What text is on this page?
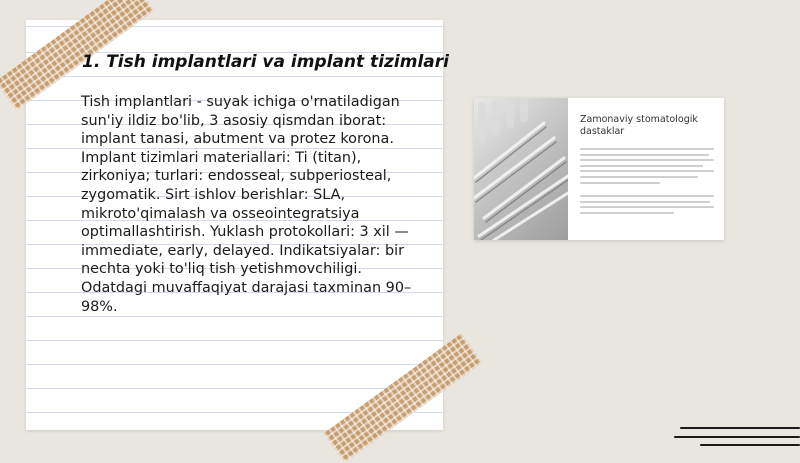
1. Tish implantlari va implant tizimlari

Tish implantlari - suyak ichiga o'rnatiladigan sun'iy ildiz bo'lib, 3 asosiy qismdan iborat: implant tanasi, abutment va protez korona. Implant tizimlari materiallari: Ti (titan), zirkoniya; turlari: endosseal, subperiosteal, zygomatik. Sirt ishlov berishlar: SLA, mikroto'qimalash va osseointegratsiya optimallashtirish. Yuklash protokollari: 3 xil — immediate, early, delayed. Indikatsiyalar: bir nechta yoki to'liq tish yetishmovchiligi. Odatdagi muvaffaqiyat darajasi taxminan 90–98%.

Zamonaviy stomatologik dastaklar
